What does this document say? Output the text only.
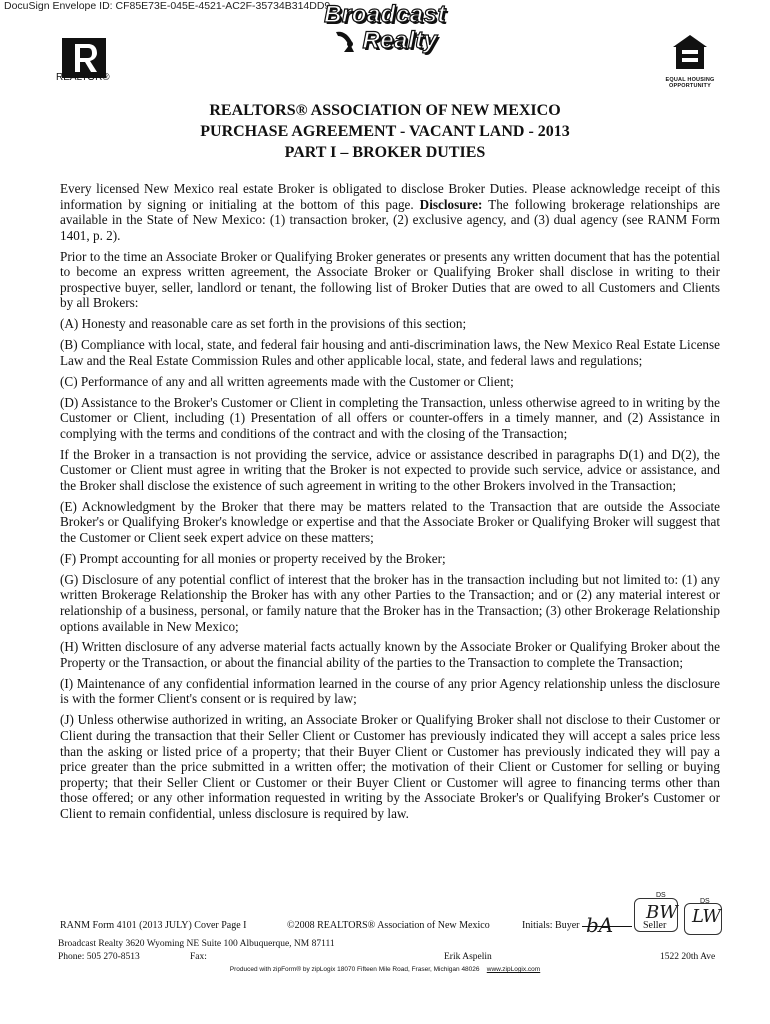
DocuSign Envelope ID: CF85E73E-045E-4521-AC2F-35734B314DD9
REALTOR®
Broadcast
Realty
EQUAL HOUSING
OPPORTUNITY
REALTORS® ASSOCIATION OF NEW MEXICO
PURCHASE AGREEMENT - VACANT LAND - 2013
PART I – BROKER DUTIES

Every licensed New Mexico real estate Broker is obligated to disclose Broker Duties. Please acknowledge receipt of this information by signing or initialing at the bottom of this page. Disclosure: The following brokerage relationships are available in the State of New Mexico: (1) transaction broker, (2) exclusive agency, and (3) dual agency (see RANM Form 1401, p. 2).

Prior to the time an Associate Broker or Qualifying Broker generates or presents any written document that has the potential to become an express written agreement, the Associate Broker or Qualifying Broker shall disclose in writing to their prospective buyer, seller, landlord or tenant, the following list of Broker Duties that are owed to all Customers and Clients by all Brokers:

(A) Honesty and reasonable care as set forth in the provisions of this section;

(B) Compliance with local, state, and federal fair housing and anti-discrimination laws, the New Mexico Real Estate License Law and the Real Estate Commission Rules and other applicable local, state, and federal laws and regulations;

(C) Performance of any and all written agreements made with the Customer or Client;

(D) Assistance to the Broker's Customer or Client in completing the Transaction, unless otherwise agreed to in writing by the Customer or Client, including (1) Presentation of all offers or counter-offers in a timely manner, and (2) Assistance in complying with the terms and conditions of the contract and with the closing of the Transaction;

If the Broker in a transaction is not providing the service, advice or assistance described in paragraphs D(1) and D(2), the Customer or Client must agree in writing that the Broker is not expected to provide such service, advice or assistance, and the Broker shall disclose the existence of such agreement in writing to the other Brokers involved in the Transaction;

(E) Acknowledgment by the Broker that there may be matters related to the Transaction that are outside the Associate Broker's or Qualifying Broker's knowledge or expertise and that the Associate Broker or Qualifying Broker will suggest that the Customer or Client seek expert advice on these matters;

(F) Prompt accounting for all monies or property received by the Broker;

(G) Disclosure of any potential conflict of interest that the broker has in the transaction including but not limited to: (1) any written Brokerage Relationship the Broker has with any other Parties to the Transaction; and or (2) any material interest or relationship of a business, personal, or family nature that the Broker has in the Transaction; (3) other Brokerage Relationship options available in New Mexico;

(H) Written disclosure of any adverse material facts actually known by the Associate Broker or Qualifying Broker about the Property or the Transaction, or about the financial ability of the parties to the Transaction to complete the Transaction;

(I) Maintenance of any confidential information learned in the course of any prior Agency relationship unless the disclosure is with the former Client's consent or is required by law;

(J) Unless otherwise authorized in writing, an Associate Broker or Qualifying Broker shall not disclose to their Customer or Client during the transaction that their Seller Client or Customer has previously indicated they will accept a sales price less than the asking or listed price of a property; that their Buyer Client or Customer has previously indicated they will pay a price greater than the price submitted in a written offer; the motivation of their Client or Customer for selling or buying property; that their Seller Client or Customer or their Buyer Client or Customer will agree to financing terms other than those offered; or any other information requested in writing by the Associate Broker's or Qualifying Broker's Customer or Client to remain confidential, unless disclosure is required by law.

DS
DS
BW LW
bA
RANM Form 4101 (2013 JULY) Cover Page I	©2008 REALTORS® Association of New Mexico	Initials: Buyer	Seller
Broadcast Realty 3620 Wyoming NE Suite 100 Albuquerque, NM 87111
Phone: 505 270-8513	Fax:	Erik Aspelin	1522 20th Ave
Produced with zipForm® by zipLogix 18070 Fifteen Mile Road, Fraser, Michigan 48026 www.zipLogix.com
